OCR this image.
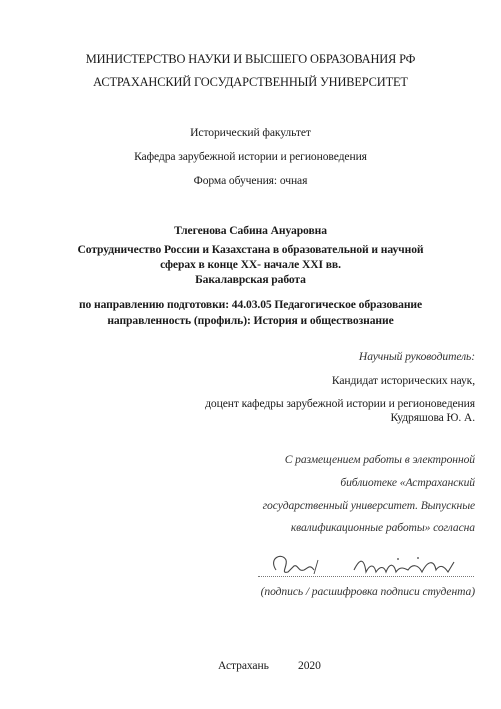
МИНИСТЕРСТВО НАУКИ И ВЫСШЕГО ОБРАЗОВАНИЯ РФ
АСТРАХАНСКИЙ ГОСУДАРСТВЕННЫЙ УНИВЕРСИТЕТ
Исторический факультет
Кафедра зарубежной истории и регионоведения
Форма обучения: очная
Тлегенова Сабина Ануаровна
Сотрудничество России и Казахстана в образовательной и научной
сферах в конце XX- начале XXI вв.
Бакалаврская работа
по направлению подготовки: 44.03.05 Педагогическое образование
направленность (профиль): История и обществознание
Научный руководитель:
Кандидат исторических наук,
доцент кафедры зарубежной истории и регионоведения
Кудряшова Ю. А.
С размещением работы в электронной
библиотеке «Астраханский
государственный университет. Выпускные
квалификационные работы» согласна
(подпись / расшифровка подписи студента)
Астрахань	2020
